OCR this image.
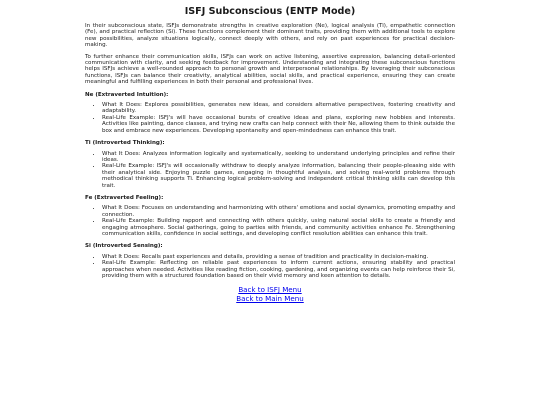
ISFJ Subconscious (ENTP Mode)

In their subconscious state, ISFJs demonstrate strengths in creative exploration (Ne), logical analysis (Ti), empathetic connection (Fe), and practical reflection (Si). These functions complement their dominant traits, providing them with additional tools to explore new possibilities, analyze situations logically, connect deeply with others, and rely on past experiences for practical decision-making.

To further enhance their communication skills, ISFJs can work on active listening, assertive expression, balancing detail-oriented communication with clarity, and seeking feedback for improvement. Understanding and integrating these subconscious functions helps ISFJs achieve a well-rounded approach to personal growth and interpersonal relationships. By leveraging their subconscious functions, ISFJs can balance their creativity, analytical abilities, social skills, and practical experience, ensuring they can create meaningful and fulfilling experiences in both their personal and professional lives.

Ne (Extraverted Intuition):
• What It Does: Explores possibilities, generates new ideas, and considers alternative perspectives, fostering creativity and adaptability.
• Real-Life Example: ISFJ's will have occasional bursts of creative ideas and plans, exploring new hobbies and interests. Activities like painting, dance classes, and trying new crafts can help connect with their Ne, allowing them to think outside the box and embrace new experiences. Developing spontaneity and open-mindedness can enhance this trait.
Ti (Introverted Thinking):
• What It Does: Analyzes information logically and systematically, seeking to understand underlying principles and refine their ideas.
• Real-Life Example: ISFJ's will occasionally withdraw to deeply analyze information, balancing their people-pleasing side with their analytical side. Enjoying puzzle games, engaging in thoughtful analysis, and solving real-world problems through methodical thinking supports Ti. Enhancing logical problem-solving and independent critical thinking skills can develop this trait.
Fe (Extraverted Feeling):
• What It Does: Focuses on understanding and harmonizing with others' emotions and social dynamics, promoting empathy and connection.
• Real-Life Example: Building rapport and connecting with others quickly, using natural social skills to create a friendly and engaging atmosphere. Social gatherings, going to parties with friends, and community activities enhance Fe. Strengthening communication skills, confidence in social settings, and developing conflict resolution abilities can enhance this trait.
Si (Introverted Sensing):
• What It Does: Recalls past experiences and details, providing a sense of tradition and practicality in decision-making.
• Real-Life Example: Reflecting on reliable past experiences to inform current actions, ensuring stability and practical approaches when needed. Activities like reading fiction, cooking, gardening, and organizing events can help reinforce their Si, providing them with a structured foundation based on their vivid memory and keen attention to details.
Back to ISFJ Menu
Back to Main Menu
